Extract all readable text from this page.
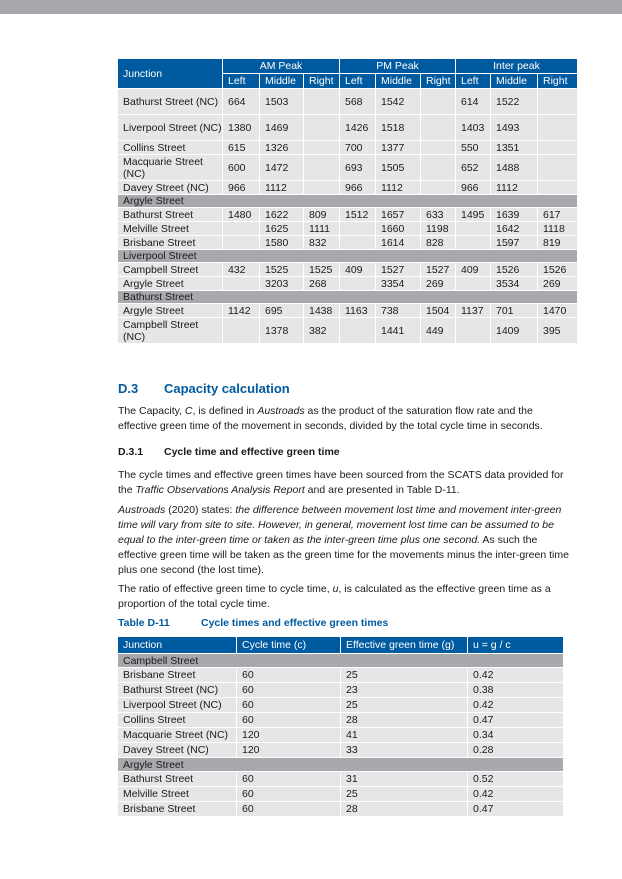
Junction	AM Peak			PM Peak			Inter peak		
	Left	Middle	Right	Left	Middle	Right	Left	Middle	Right
Bathurst Street (NC)	664	1503		568	1542		614	1522	
Liverpool Street (NC)	1380	1469		1426	1518		1403	1493	
Collins Street	615	1326		700	1377		550	1351	
Macquarie Street (NC)	600	1472		693	1505		652	1488	
Davey Street (NC)	966	1112		966	1112		966	1112	
Argyle Street									
Bathurst Street	1480	1622	809	1512	1657	633	1495	1639	617
Melville Street		1625	1111		1660	1198		1642	1118
Brisbane Street		1580	832		1614	828		1597	819
Liverpool Street									
Campbell Street	432	1525	1525	409	1527	1527	409	1526	1526
Argyle Street		3203	268		3354	269		3534	269
Bathurst Street									
Argyle Street	1142	695	1438	1163	738	1504	1137	701	1470
Campbell Street (NC)		1378	382		1441	449		1409	395
D.3 Capacity calculation

The Capacity, C, is defined in Austroads as the product of the saturation flow rate and the effective green time of the movement in seconds, divided by the total cycle time in seconds.

D.3.1 Cycle time and effective green time

The cycle times and effective green times have been sourced from the SCATS data provided for the Traffic Observations Analysis Report and are presented in Table D-11.

Austroads (2020) states: the difference between movement lost time and movement inter-green time will vary from site to site. However, in general, movement lost time can be assumed to be equal to the inter-green time or taken as the inter-green time plus one second. As such the effective green time will be taken as the green time for the movements minus the inter-green time plus one second (the lost time).

The ratio of effective green time to cycle time, u, is calculated as the effective green time as a proportion of the total cycle time.

Table D-11	Cycle times and effective green times
Junction	Cycle time (c)	Effective green time (g)	u = g / c
Campbell Street			
Brisbane Street	60	25	0.42
Bathurst Street (NC)	60	23	0.38
Liverpool Street (NC)	60	25	0.42
Collins Street	60	28	0.47
Macquarie Street (NC)	120	41	0.34
Davey Street (NC)	120	33	0.28
Argyle Street			
Bathurst Street	60	31	0.52
Melville Street	60	25	0.42
Brisbane Street	60	28	0.47
